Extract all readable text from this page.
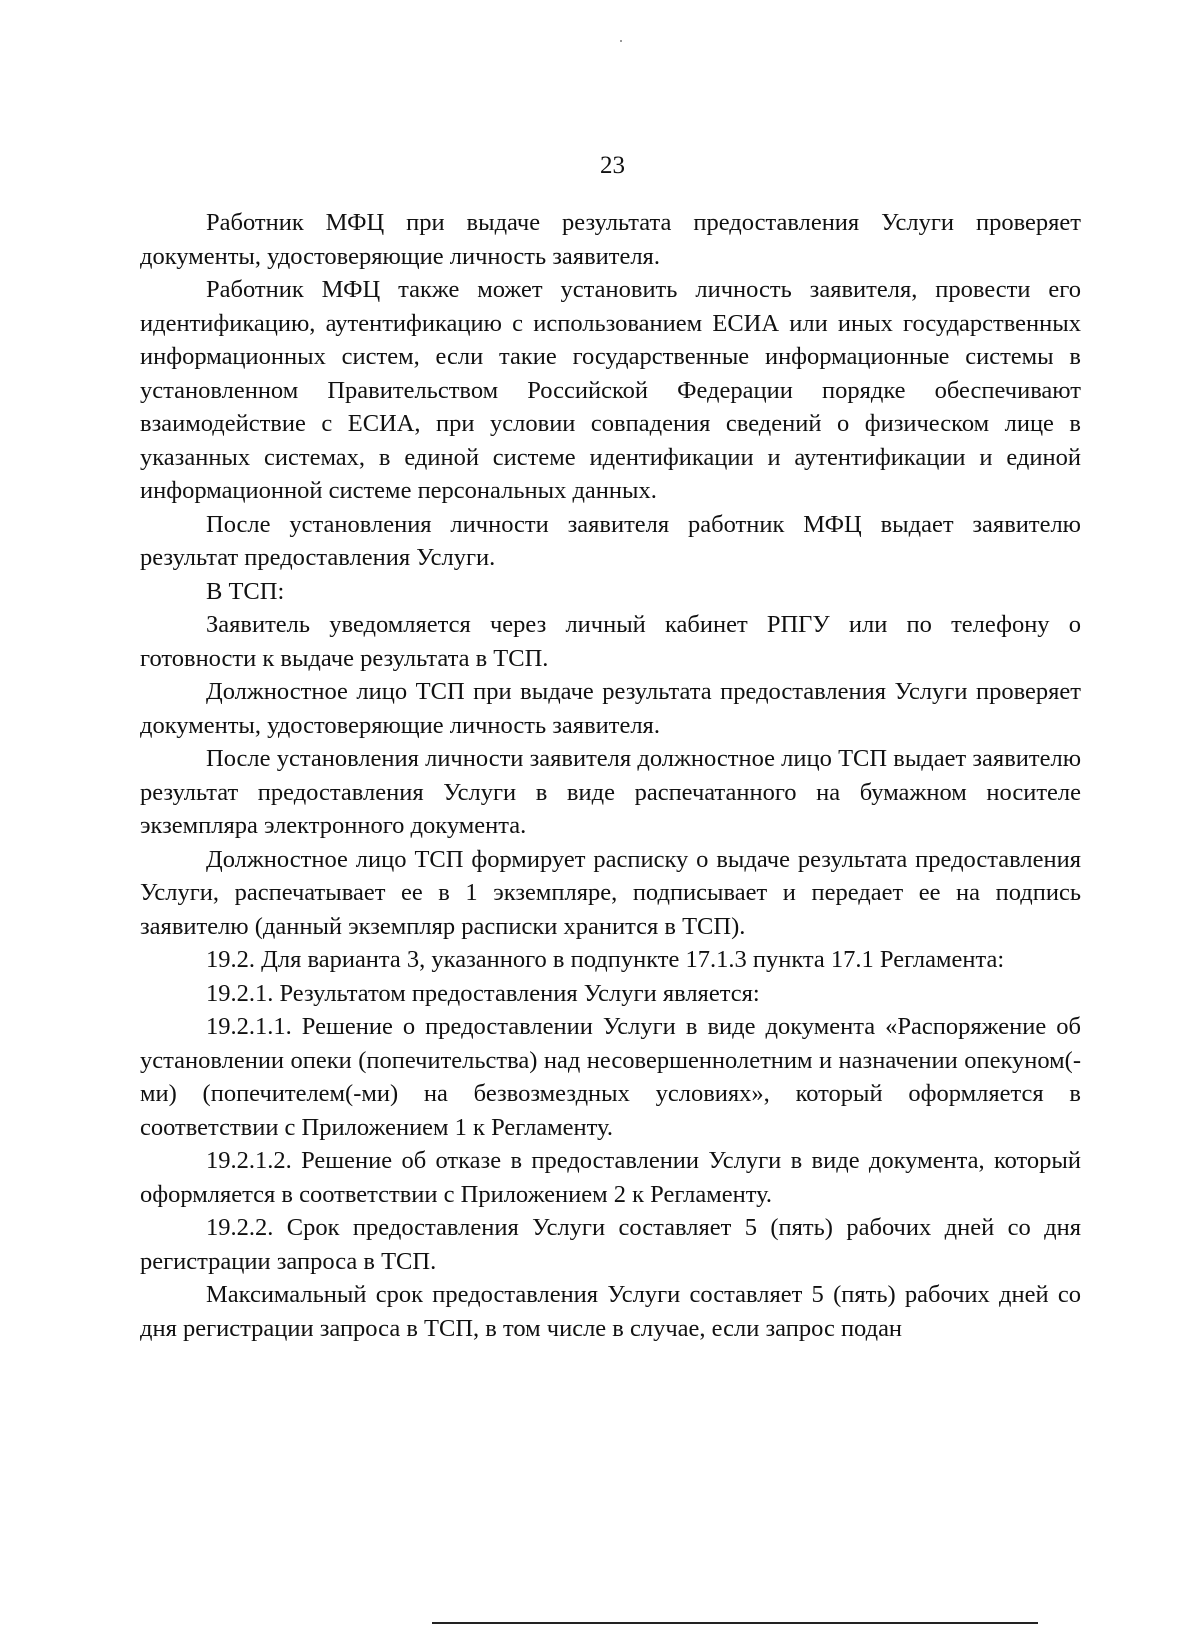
23

Работник МФЦ при выдаче результата предоставления Услуги проверяет документы, удостоверяющие личность заявителя.

Работник МФЦ также может установить личность заявителя, провести его идентификацию, аутентификацию с использованием ЕСИА или иных государственных информационных систем, если такие государственные информационные системы в установленном Правительством Российской Федерации порядке обеспечивают взаимодействие с ЕСИА, при условии совпадения сведений о физическом лице в указанных системах, в единой системе идентификации и аутентификации и единой информационной системе персональных данных.

После установления личности заявителя работник МФЦ выдает заявителю результат предоставления Услуги.

В ТСП:

Заявитель уведомляется через личный кабинет РПГУ или по телефону о готовности к выдаче результата в ТСП.

Должностное лицо ТСП при выдаче результата предоставления Услуги проверяет документы, удостоверяющие личность заявителя.

После установления личности заявителя должностное лицо ТСП выдает заявителю результат предоставления Услуги в виде распечатанного на бумажном носителе экземпляра электронного документа.

Должностное лицо ТСП формирует расписку о выдаче результата предоставления Услуги, распечатывает ее в 1 экземпляре, подписывает и передает ее на подпись заявителю (данный экземпляр расписки хранится в ТСП).

19.2. Для варианта 3, указанного в подпункте 17.1.3 пункта 17.1 Регламента:

19.2.1. Результатом предоставления Услуги является:

19.2.1.1. Решение о предоставлении Услуги в виде документа «Распоряжение об установлении опеки (попечительства) над несовершеннолетним и назначении опекуном(-ми) (попечителем(-ми) на безвозмездных условиях», который оформляется в соответствии с Приложением 1 к Регламенту.

19.2.1.2. Решение об отказе в предоставлении Услуги в виде документа, который оформляется в соответствии с Приложением 2 к Регламенту.

19.2.2. Срок предоставления Услуги составляет 5 (пять) рабочих дней со дня регистрации запроса в ТСП.

Максимальный срок предоставления Услуги составляет 5 (пять) рабочих дней со дня регистрации запроса в ТСП, в том числе в случае, если запрос подан
